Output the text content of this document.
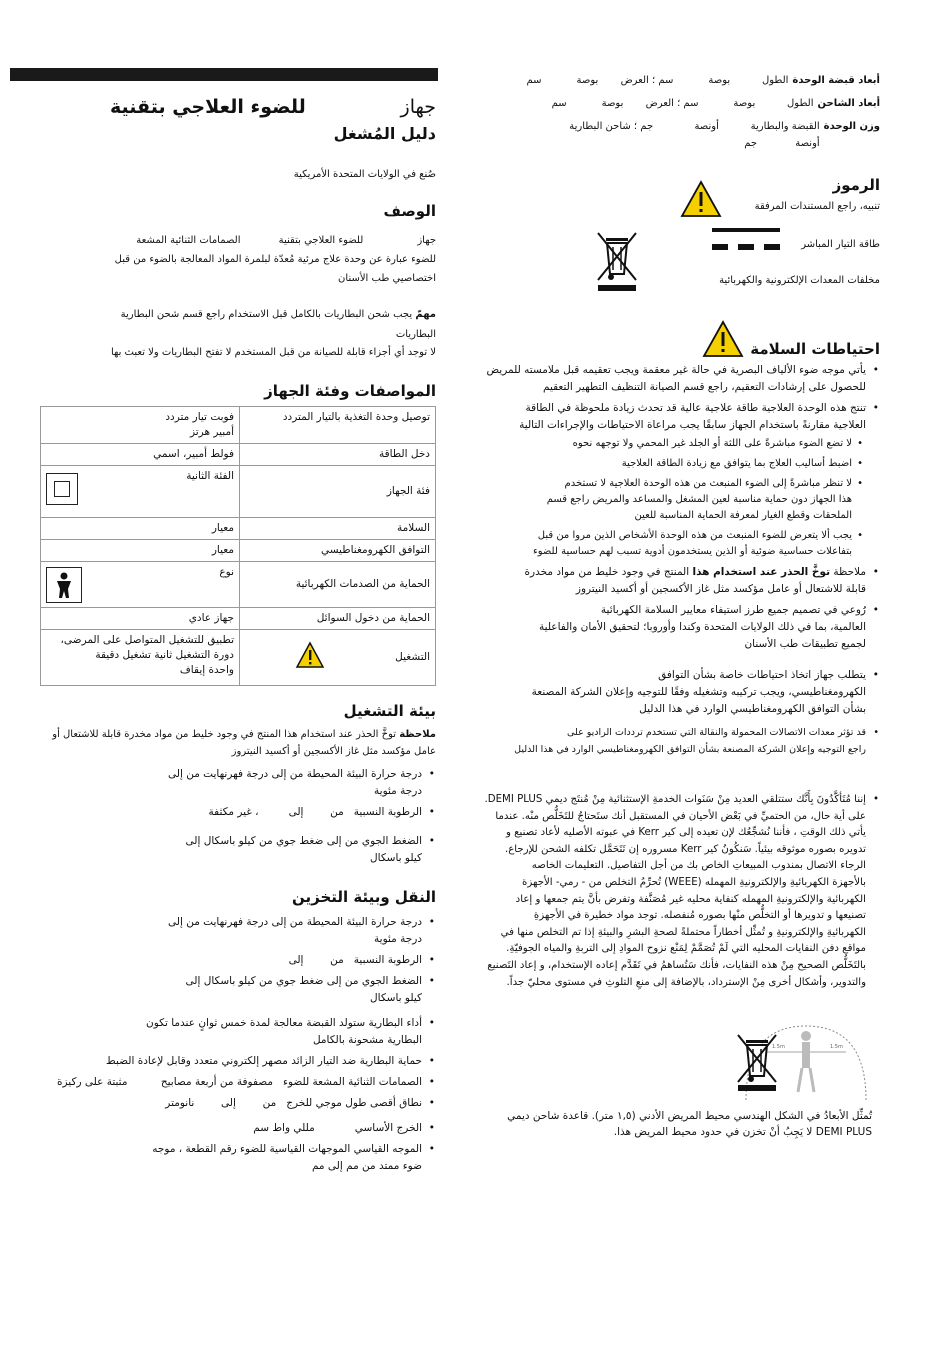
جهاز
للضوء العلاجي بتقنية
دليل المُشغل
صُنع في الولايات المتحدة الأمريكية
الوصف
جهاز                 للضوء العلاجي بتقنية            الصمامات الثنائية المشعة
للضوء عبارة عن وحدة علاج مرئية مُعدّة لبلمرة المواد المعالجة بالضوء من قبل
اختصاصيي طب الأسنان
مهمّ يجب شحن البطاريات بالكامل قبل الاستخدام راجع قسم شحن البطارية
البطاريات
لا توجد أي أجزاء قابلة للصيانة من قبل المستخدم لا تفتح البطاريات ولا تعبث بها
المواصفات وفئة الجهاز
توصيل وحدة التغذية بالتيار المتردد	فوبت تيار متردد
أمبير هرتز
دخل الطاقة	فولط أمبير، اسمي
فئة الجهاز	الفئة الثانية

السلامة	معيار
التوافق الكهرومغناطيسي	معيار
الحماية من الصدمات الكهربائية	نوع

الحماية من دخول السوائل	جهاز عادي

التشغيل	تطبيق للتشغيل المتواصل على المرضى،
دورة التشغيل ثانية تشغيل دقيقة
واحدة إيقاف
بيئة التشغيل
ملاحظة توخَّ الحذر عند استخدام هذا المنتج في وجود خليط من مواد مخدرة قابلة للاشتعال أو عامل مؤكسد مثل غاز الأكسجين أو أكسيد النيتروز
• درجة حرارة البيئة المحيطة من إلى درجة فهرنهايت من إلى
درجة مئوية
• الرطوبة النسبية   من        إلى         ، غير مكثفة
• الضغط الجوي من إلى ضغط جوي من كيلو باسكال إلى
كيلو باسكال
النقل وبيئة التخزين
• درجة حرارة البيئة المحيطة من إلى درجة فهرنهايت من إلى
درجة مئوية
• الرطوبة النسبية   من        إلى
• الضغط الجوي من إلى ضغط جوي من كيلو باسكال إلى
كيلو باسكال
• أداء البطارية ستولد القبضة معالجة لمدة خمس ثوانٍ عندما تكون
البطارية مشحونة بالكامل
• حماية البطارية ضد التيار الزائد مصهر إلكتروني متعدد وقابل لإعادة الضبط
• الصمامات الثنائية المشعة للضوء   مصفوفة من أربعة مصابيح          مثبتة على ركيزة
• نطاق أقصى طول موجي للخرج   من        إلى        نانومتر
• الخرج الأساسي            مللي واط سم
• الموجه القياسي الموجهات القياسية للضوء رقم القطعة ، موجه
ضوء ممتد من مم إلى مم
أبعاد قبضة الوحدة
الطول          بوصة           سم ؛ العرض       بوصة           سم
أبعاد الشاحن
الطول          بوصة           سم ؛ العرض       بوصة           سم
وزن الوحدة
القبضة والبطارية          أونصة             جم ؛ شاحن البطارية
أونصة            جم
الرموز
تنبيه، راجع المستندات المرفقة
طاقة التيار المباشر
مخلفات المعدات الإلكترونية والكهربائية
احتياطات السلامة
• يأتي موجه ضوء الألياف البصرية في حالة غير معقمة ويجب تعقيمه قبل ملامسته للمريض
للحصول على إرشادات التعقيم، راجع قسم الصيانة التنظيف التطهير التعقيم
• تنتج هذه الوحدة العلاجية طاقة علاجية عالية قد تحدث زيادة ملحوظة في الطاقة
العلاجية مقارنةً باستخدام الجهاز سابقًا يجب مراعاة الاحتياطات والإجراءات التالية
• لا تضع الضوء مباشرةً على اللثة أو الجلد غير المحمي ولا توجهه نحوه
• اضبط أساليب العلاج بما يتوافق مع زيادة الطاقة العلاجية
• لا تنظر مباشرةً إلى الضوء المنبعث من هذه الوحدة العلاجية لا تستخدم
هذا الجهاز دون حماية مناسبة لعين المشغل والمساعد والمريض راجع قسم
الملحقات وقطع الغيار لمعرفة الحماية المناسبة للعين
• يجب ألا يتعرض للضوء المنبعث من هذه الوحدة الأشخاص الذين مروا من قبل
بتفاعلات حساسية ضوئية أو الذين يستخدمون أدوية تسبب لهم حساسية للضوء
• ملاحظة توخَّ الحذر عند استخدام هذا المنتج في وجود خليط من مواد مخدرة
قابلة للاشتعال أو عامل مؤكسد مثل غاز الأكسجين أو أكسيد النيتروز
• رُوعي في تصميم جميع طرز استيفاء معايير السلامة الكهربائية
العالمية، بما في ذلك الولايات المتحدة وكندا وأوروبا؛ لتحقيق الأمان والفاعلية
لجميع تطبيقات طب الأسنان
• يتطلب جهاز اتخاذ احتياطات خاصة بشأن التوافق
الكهرومغناطيسي، ويجب تركيبه وتشغيله وفقًا للتوجيه وإعلان الشركة المصنعة
بشأن التوافق الكهرومغناطيسي الوارد في هذا الدليل
• قد تؤثر معدات الاتصالات المحمولة والنقالة التي تستخدم ترددات الراديو على
راجع التوجيه وإعلان الشركة المصنعة بشأن التوافق الكهرومغناطيسي الوارد في هذا الدليل
• إننا مُتَأكَّدُونَ بِأَنَّك ستتلقي العديد مِنْ سَنَوات الخدمةِ الإستثنائية مِنْ مُنتَج ديمي DEMI PLUS.
على أية حال، من الحتميِّ في بَعْض الأحيان في المستقبل أنك ستَحتاجُ للتَخَلُّص منْه. عندما
يأتي ذلك الوقتِ ، فأننا نُشجِّعُك لإن تعيده إلى كير Kerr في عبوته الأصليه لأعاد تصنيع و
تدويره بصوره موثوقه بيئياً. سَنكُونُ كير Kerr مسروره إن تَتَحَمَّل تكلفه الشحن للإرجاع.
الرجاء الاتصال بمندوب المبيعاتِ الخاص بك من أجل التفاصيل. التعليمات الخاصه
بالأجهزة الكهربائيةِ والإلكترونيةِ المهمله (WEEE) تُحرِّمُ التخلص من - رمي- الأجهزة
الكهربائية والإلكترونيةِ المهمله كنفاية محليه غير مُصَنَّفة وتفرض بأنَّ يتم جمعها و إعاد
تصنيعها و تدويرها أو التخلُّص منْها بصوره مُنفصله. توجد مواد خطيرة في الأجهزةِ
الكهربائيةِ والإلكترونيةِ و تُمثِّل أخطاراً محتملةً لصحةِ البشرِ والبيئةِ إذا تم التخلص منها في
مواقع دفن النفايات المحليه التي لَمْ تُصَمَّمْ لِمَنْع نزوح الموادِ إلى التربةِ والمياه الجوفيّةِ.
بالتَخَلُّص الصحيح مِنْ هذه النفايات، فأنك سَتُساهمُ في تَقَدَّم إعاده الإستخدام، و إعاد التَصنيع
والتدوير، وأشكال أخرى مِنْ الإسترداد، بالإضافة إلى منعِ التلوثِ في مستوى محليّ جداً.
1.5m	1.5m
تُمثِّل الأبعادُ في الشكل الهندسي محيط المريض الأدني (١,٥ متر). قاعدة شاحن ديمي
DEMI PLUS لا يَجِبُ أنْ تخزن في حدود محيط المريض هذا.
